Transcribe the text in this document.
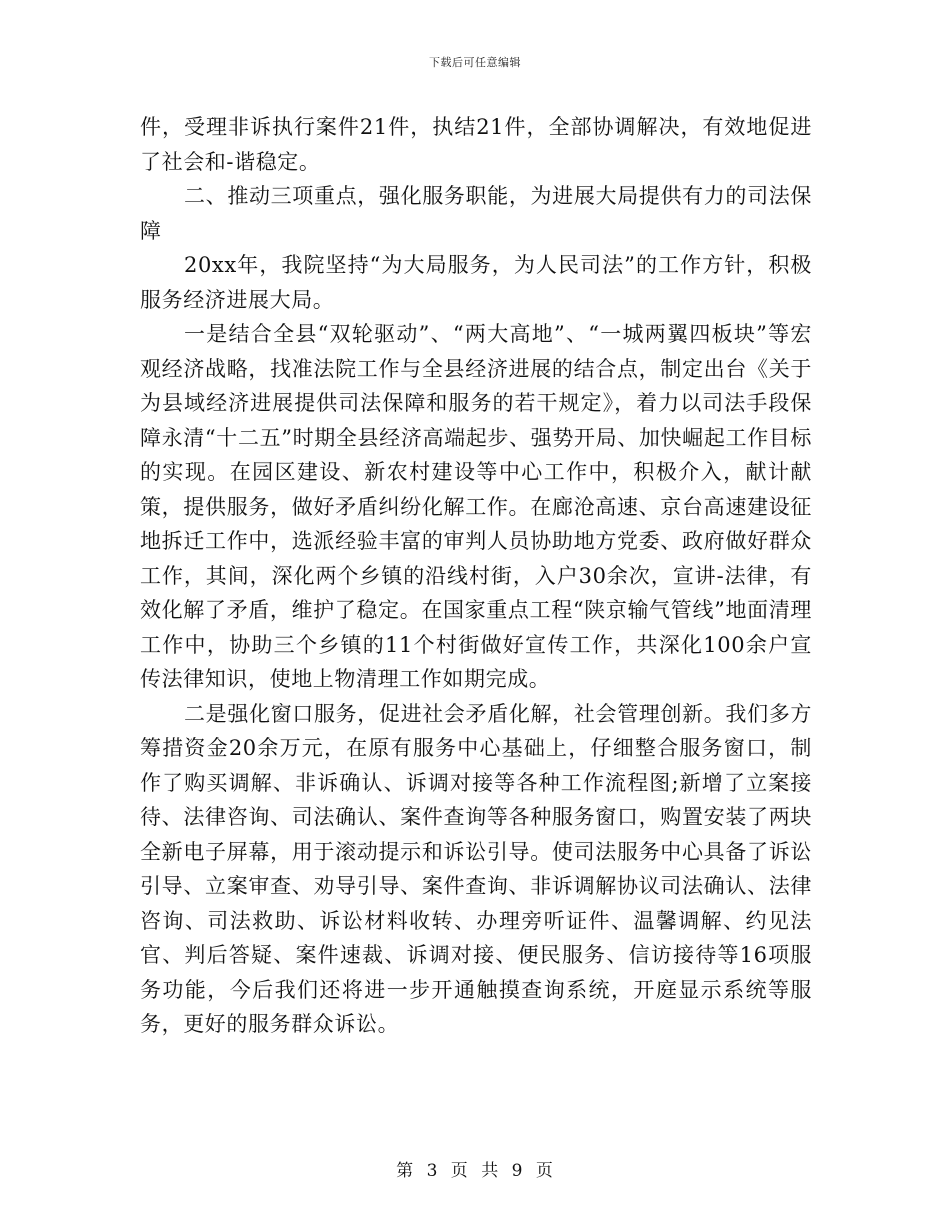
下载后可任意编辑

件，受理非诉执行案件21件，执结21件，全部协调解决，有效地促进了社会和-谐稳定。

二、推动三项重点，强化服务职能，为进展大局提供有力的司法保障

20xx年，我院坚持“为大局服务，为人民司法”的工作方针，积极服务经济进展大局。

一是结合全县“双轮驱动”、“两大高地”、“一城两翼四板块”等宏观经济战略，找准法院工作与全县经济进展的结合点，制定出台《关于为县域经济进展提供司法保障和服务的若干规定》，着力以司法手段保障永清“十二五”时期全县经济高端起步、强势开局、加快崛起工作目标的实现。在园区建设、新农村建设等中心工作中，积极介入，献计献策，提供服务，做好矛盾纠纷化解工作。在廊沧高速、京台高速建设征地拆迁工作中，选派经验丰富的审判人员协助地方党委、政府做好群众工作，其间，深化两个乡镇的沿线村街，入户30余次，宣讲-法律，有效化解了矛盾，维护了稳定。在国家重点工程“陕京输气管线”地面清理工作中，协助三个乡镇的11个村街做好宣传工作，共深化100余户宣传法律知识，使地上物清理工作如期完成。

二是强化窗口服务，促进社会矛盾化解，社会管理创新。我们多方筹措资金20余万元，在原有服务中心基础上，仔细整合服务窗口，制作了购买调解、非诉确认、诉调对接等各种工作流程图;新增了立案接待、法律咨询、司法确认、案件查询等各种服务窗口，购置安装了两块全新电子屏幕，用于滚动提示和诉讼引导。使司法服务中心具备了诉讼引导、立案审查、劝导引导、案件查询、非诉调解协议司法确认、法律咨询、司法救助、诉讼材料收转、办理旁听证件、温馨调解、约见法官、判后答疑、案件速裁、诉调对接、便民服务、信访接待等16项服务功能，今后我们还将进一步开通触摸查询系统，开庭显示系统等服务，更好的服务群众诉讼。

第 3 页 共 9 页
